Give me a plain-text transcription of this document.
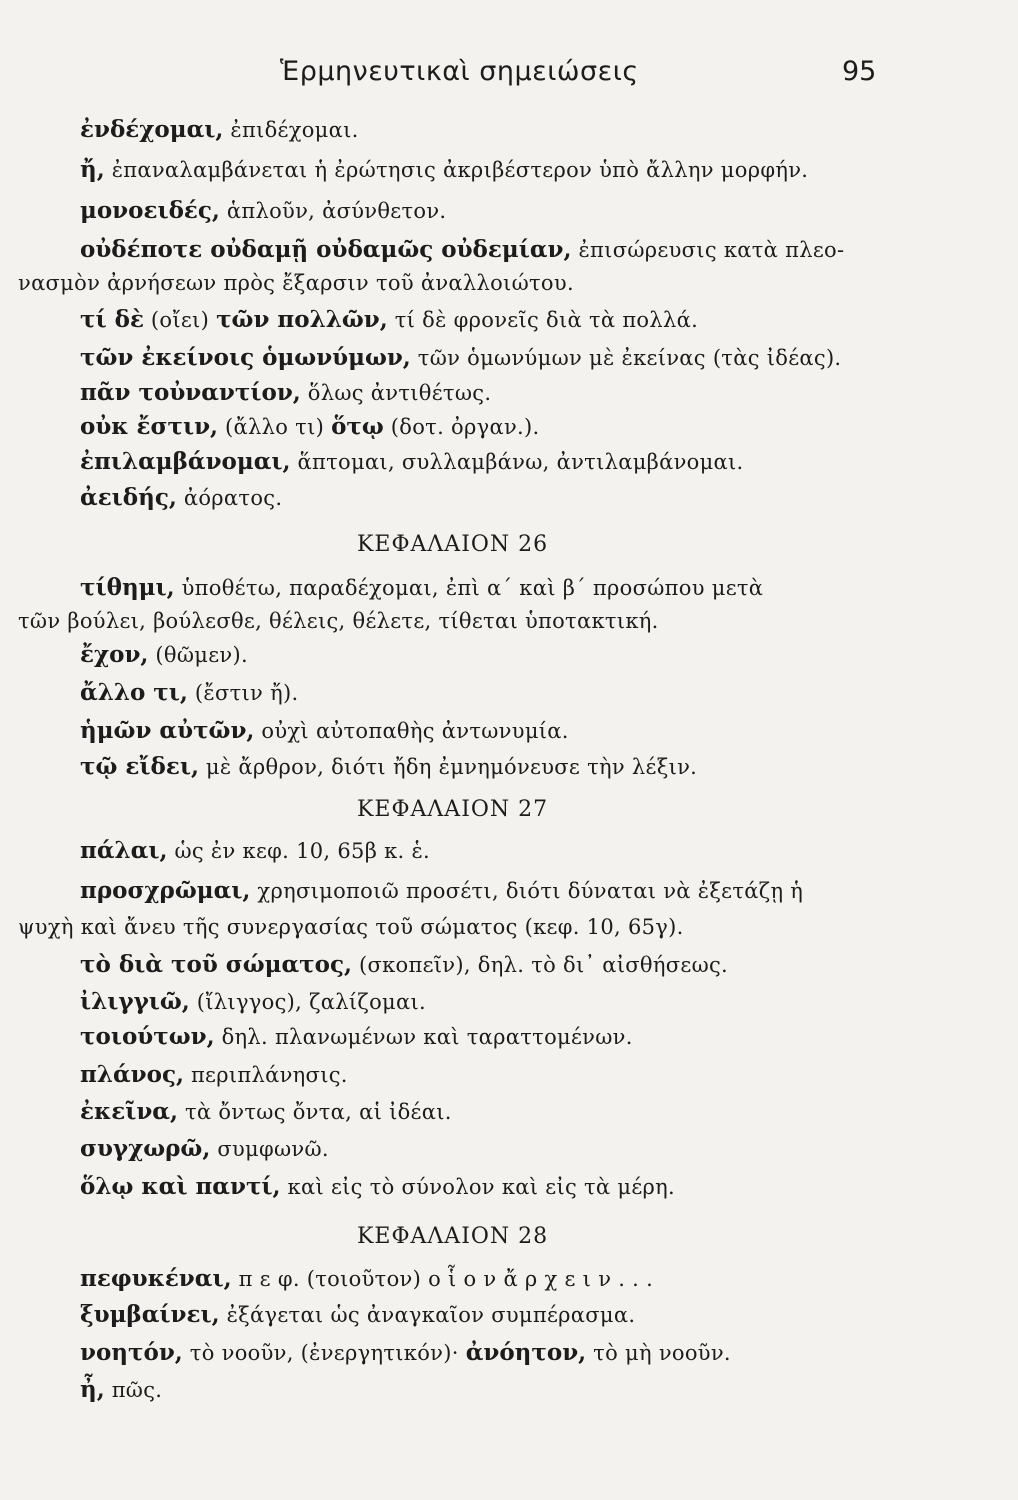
Ἑρμηνευτικαὶ σημειώσεις	95
ἐνδέχομαι, ἐπιδέχομαι.
ἤ, ἐπαναλαμβάνεται ἡ ἐρώτησις ἀκριβέστερον ὑπὸ ἄλλην μορφήν.
μονοειδές, ἁπλοῦν, ἀσύνθετον.
οὐδέποτε οὐδαμῇ οὐδαμῶς οὐδεμίαν, ἐπισώρευσις κατὰ πλεο-
νασμὸν ἀρνήσεων πρὸς ἔξαρσιν τοῦ ἀναλλοιώτου.
τί δὲ (οἴει) τῶν πολλῶν, τί δὲ φρονεῖς διὰ τὰ πολλά.
τῶν ἐκείνοις ὁμωνύμων, τῶν ὁμωνύμων μὲ ἐκείνας (τὰς ἰδέας).
πᾶν τοὐναντίον, ὅλως ἀντιθέτως.
οὐκ ἔστιν, (ἄλλο τι) ὅτῳ (δοτ. ὀργαν.).
ἐπιλαμβάνομαι, ἅπτομαι, συλλαμβάνω, ἀντιλαμβάνομαι.
ἀειδής, ἀόρατος.
ΚΕΦΑΛΑΙΟΝ 26
τίθημι, ὑποθέτω, παραδέχομαι, ἐπὶ α΄ καὶ β΄ προσώπου μετὰ
τῶν βούλει, βούλεσθε, θέλεις, θέλετε, τίθεται ὑποτακτική.
ἔχον, (θῶμεν).
ἄλλο τι, (ἔστιν ἤ).
ἡμῶν αὐτῶν, οὐχὶ αὐτοπαθὴς ἀντωνυμία.
τῷ εἴδει, μὲ ἄρθρον, διότι ἤδη ἐμνημόνευσε τὴν λέξιν.
ΚΕΦΑΛΑΙΟΝ 27
πάλαι, ὡς ἐν κεφ. 10, 65β κ. ἑ.
προσχρῶμαι, χρησιμοποιῶ προσέτι, διότι δύναται νὰ ἐξετάζῃ ἡ
ψυχὴ καὶ ἄνευ τῆς συνεργασίας τοῦ σώματος (κεφ. 10, 65γ).
τὸ διὰ τοῦ σώματος, (σκοπεῖν), δηλ. τὸ δι᾽ αἰσθήσεως.
ἰλιγγιῶ, (ἴλιγγος), ζαλίζομαι.
τοιούτων, δηλ. πλανωμένων καὶ ταραττομένων.
πλάνος, περιπλάνησις.
ἐκεῖνα, τὰ ὄντως ὄντα, αἱ ἰδέαι.
συγχωρῶ, συμφωνῶ.
ὅλῳ καὶ παντί, καὶ εἰς τὸ σύνολον καὶ εἰς τὰ μέρη.
ΚΕΦΑΛΑΙΟΝ 28
πεφυκέναι, π ε φ. (τοιοῦτον) ο ἷ ο ν ἄ ρ χ ε ι ν . . .
ξυμβαίνει, ἐξάγεται ὡς ἀναγκαῖον συμπέρασμα.
νοητόν, τὸ νοοῦν, (ἐνεργητικόν)· ἀνόητον, τὸ μὴ νοοῦν.
ἦ, πῶς.
